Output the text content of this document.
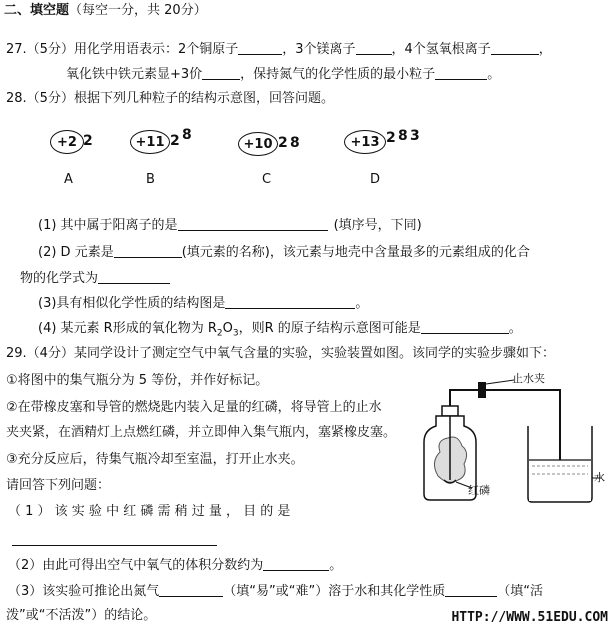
二、填空题（每空一分，共 20分）
27.（5分）用化学用语表示：2个铜原子	，3个镁离子	，4个氢氧根离子	，
氧化铁中铁元素显+3价	，保持氮气的化学性质的最小粒子	。
28.（5分）根据下列几种粒子的结构示意图，回答问题。
+2 2
A
+11 2 8
B
+10 2 8
C
+13 2 8 3
D
(1) 其中属于阳离子的是	(填序号，下同)
(2) D 元素是	(填元素的名称)，该元素与地壳中含量最多的元素组成的化合
物的化学式为
(3)具有相似化学性质的结构图是	。
(4) 某元素 R形成的氧化物为 $R_2O_3$，则R 的原子结构示意图可能是	。
29.（4分）某同学设计了测定空气中氧气含量的实验，实验装置如图。该同学的实验步骤如下：
①将图中的集气瓶分为 5 等份，并作好标记。
②在带橡皮塞和导管的燃烧匙内装入足量的红磷，将导管上的止水
夹夹紧，在酒精灯上点燃红磷，并立即伸入集气瓶内，塞紧橡皮塞。
③充分反应后，待集气瓶冷却至室温，打开止水夹。
请回答下列问题：
（ 1 ） 该 实 验 中 红 磷 需 稍 过 量 ， 目 的 是
（2）由此可得出空气中氧气的体积分数约为	。
（3）该实验可推论出氮气	（填“易”或“难”）溶于水和其化学性质	（填“活
泼”或“不活泼”）的结论。
止水夹
红磷
水
HTTP://WWW.51EDU.COM
